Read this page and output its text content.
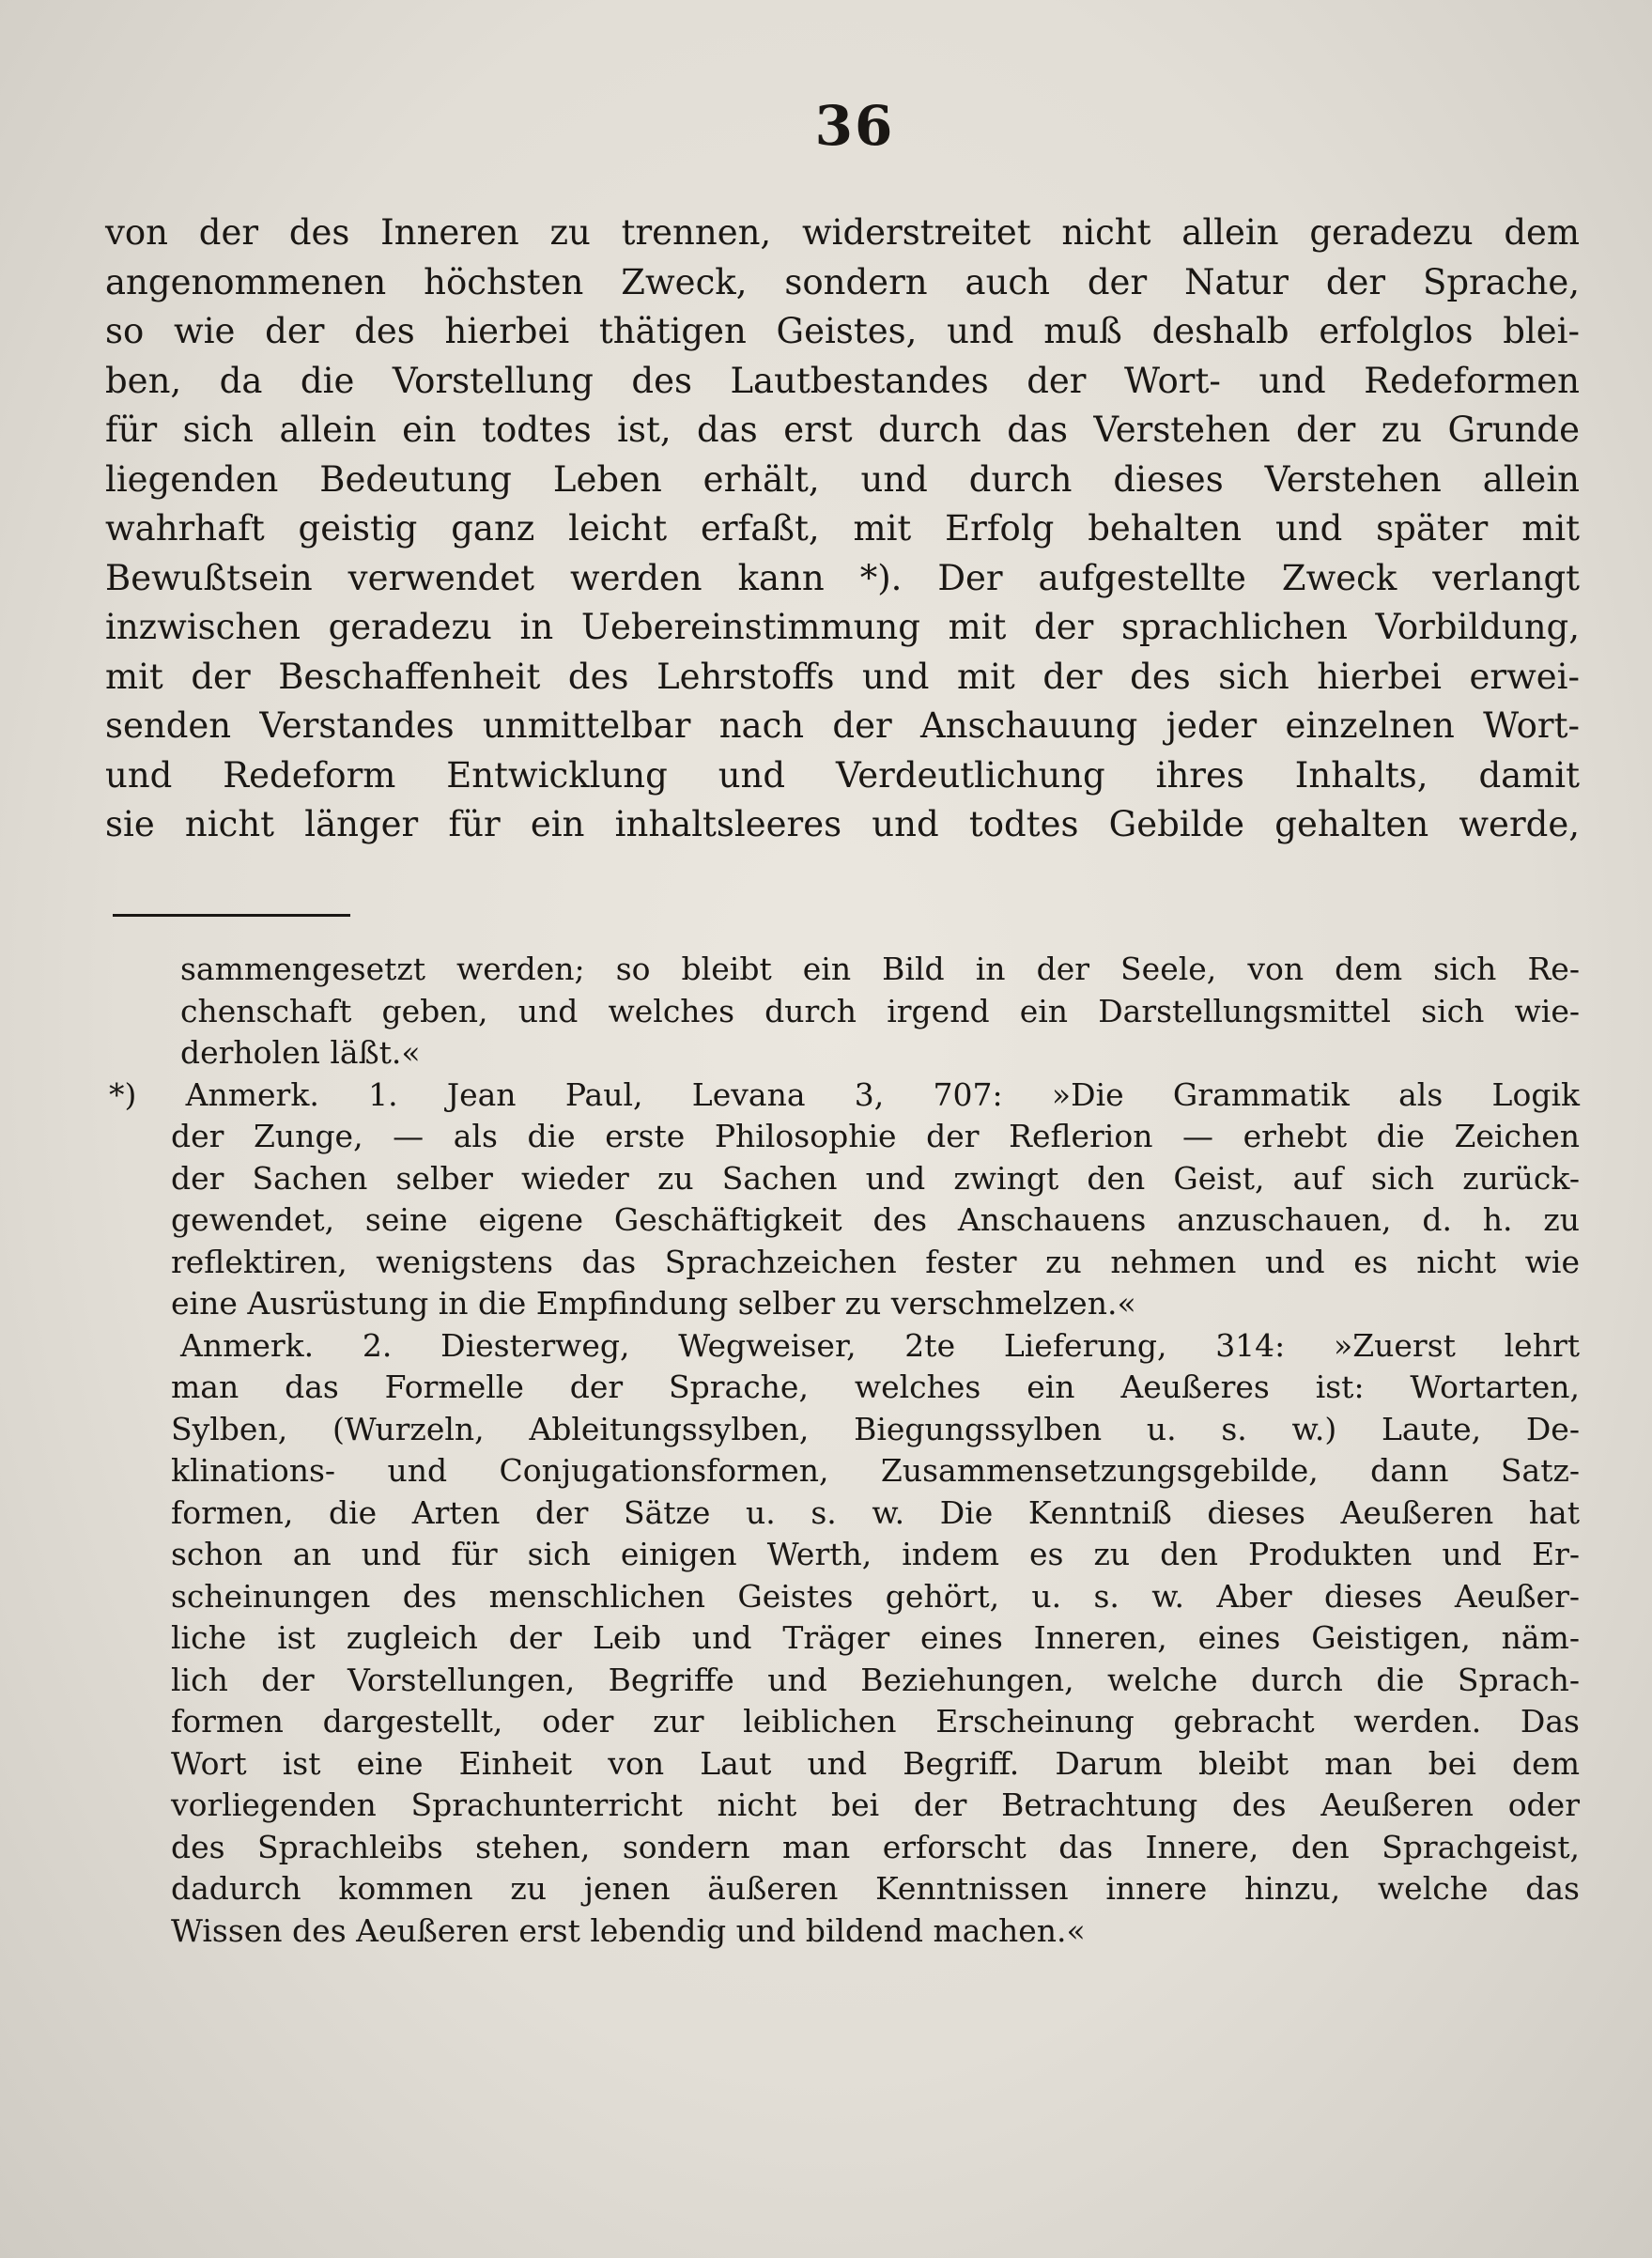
36
von der des Inneren zu trennen, widerstreitet nicht allein geradezu dem
angenommenen höchsten Zweck, sondern auch der Natur der Sprache,
so wie der des hierbei thätigen Geistes, und muß deshalb erfolglos blei-
ben, da die Vorstellung des Lautbestandes der Wort- und Redeformen
für sich allein ein todtes ist, das erst durch das Verstehen der zu Grunde
liegenden Bedeutung Leben erhält, und durch dieses Verstehen allein
wahrhaft geistig ganz leicht erfaßt, mit Erfolg behalten und später mit
Bewußtsein verwendet werden kann *). Der aufgestellte Zweck verlangt
inzwischen geradezu in Uebereinstimmung mit der sprachlichen Vorbildung,
mit der Beschaffenheit des Lehrstoffs und mit der des sich hierbei erwei-
senden Verstandes unmittelbar nach der Anschauung jeder einzelnen Wort-
und Redeform Entwicklung und Verdeutlichung ihres Inhalts, damit
sie nicht länger für ein inhaltsleeres und todtes Gebilde gehalten werde,
sammengesetzt werden; so bleibt ein Bild in der Seele, von dem sich Re-
chenschaft geben, und welches durch irgend ein Darstellungsmittel sich wie-
derholen läßt.«
*) Anmerk. 1. Jean Paul, Levana 3, 707: »Die Grammatik als Logik
der Zunge, — als die erste Philosophie der Reflerion — erhebt die Zeichen
der Sachen selber wieder zu Sachen und zwingt den Geist, auf sich zurück-
gewendet, seine eigene Geschäftigkeit des Anschauens anzuschauen, d. h. zu
reflektiren, wenigstens das Sprachzeichen fester zu nehmen und es nicht wie
eine Ausrüstung in die Empfindung selber zu verschmelzen.«
Anmerk. 2. Diesterweg, Wegweiser, 2te Lieferung, 314: »Zuerst lehrt
man das Formelle der Sprache, welches ein Aeußeres ist: Wortarten,
Sylben, (Wurzeln, Ableitungssylben, Biegungssylben u. s. w.) Laute, De-
klinations- und Conjugationsformen, Zusammensetzungsgebilde, dann Satz-
formen, die Arten der Sätze u. s. w. Die Kenntniß dieses Aeußeren hat
schon an und für sich einigen Werth, indem es zu den Produkten und Er-
scheinungen des menschlichen Geistes gehört, u. s. w. Aber dieses Aeußer-
liche ist zugleich der Leib und Träger eines Inneren, eines Geistigen, näm-
lich der Vorstellungen, Begriffe und Beziehungen, welche durch die Sprach-
formen dargestellt, oder zur leiblichen Erscheinung gebracht werden. Das
Wort ist eine Einheit von Laut und Begriff. Darum bleibt man bei dem
vorliegenden Sprachunterricht nicht bei der Betrachtung des Aeußeren oder
des Sprachleibs stehen, sondern man erforscht das Innere, den Sprachgeist,
dadurch kommen zu jenen äußeren Kenntnissen innere hinzu, welche das
Wissen des Aeußeren erst lebendig und bildend machen.«
